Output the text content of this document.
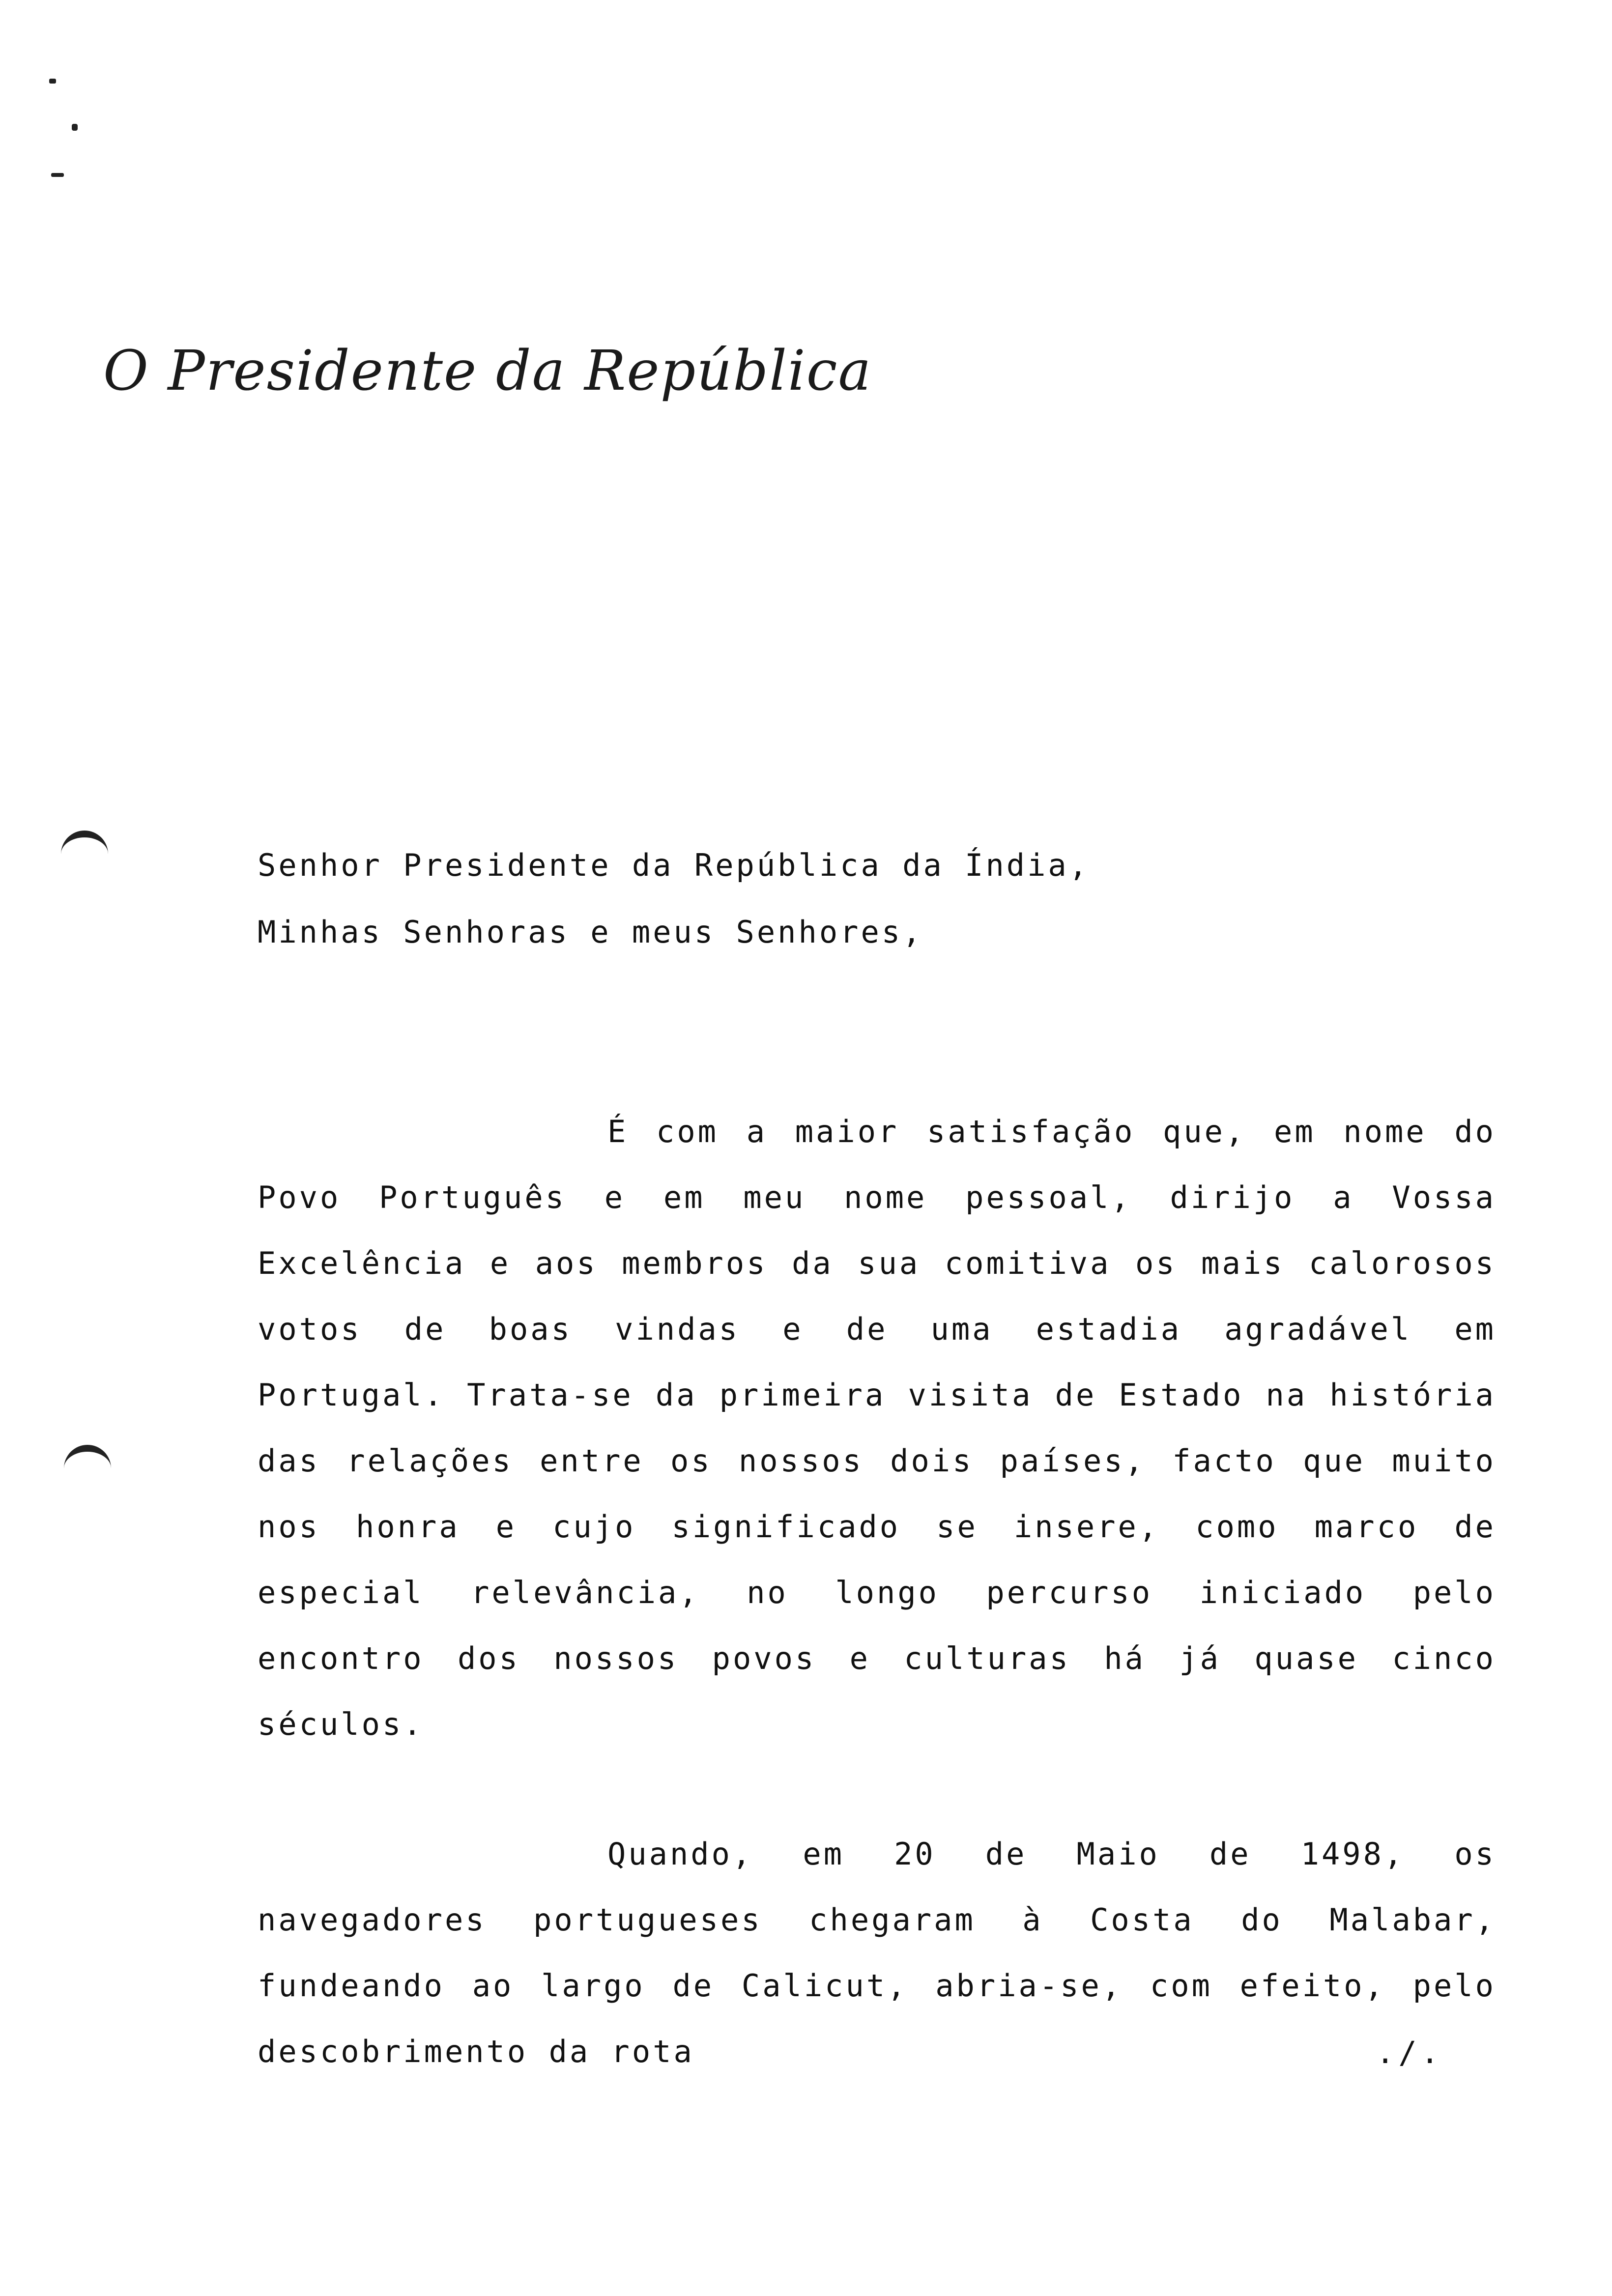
O Presidente da República
Senhor Presidente da República da Índia,
Minhas Senhoras e meus Senhores,

É com a maior satisfação que, em nome do Povo Português e em meu nome pessoal, dirijo a Vossa Excelência e aos membros da sua comitiva os mais calorosos votos de boas vindas e de uma estadia agradável em Portugal. Trata-se da primeira visita de Estado na história das relações entre os nossos dois países, facto que muito nos honra e cujo significado se insere, como marco de especial relevância, no longo percurso iniciado pelo encontro dos nossos povos e culturas há já quase cinco séculos.

Quando, em 20 de Maio de 1498, os navegadores portugueses chegaram à Costa do Malabar, fundeando ao largo de Calicut, abria-se, com efeito, pelo descobrimento da rota	./.
